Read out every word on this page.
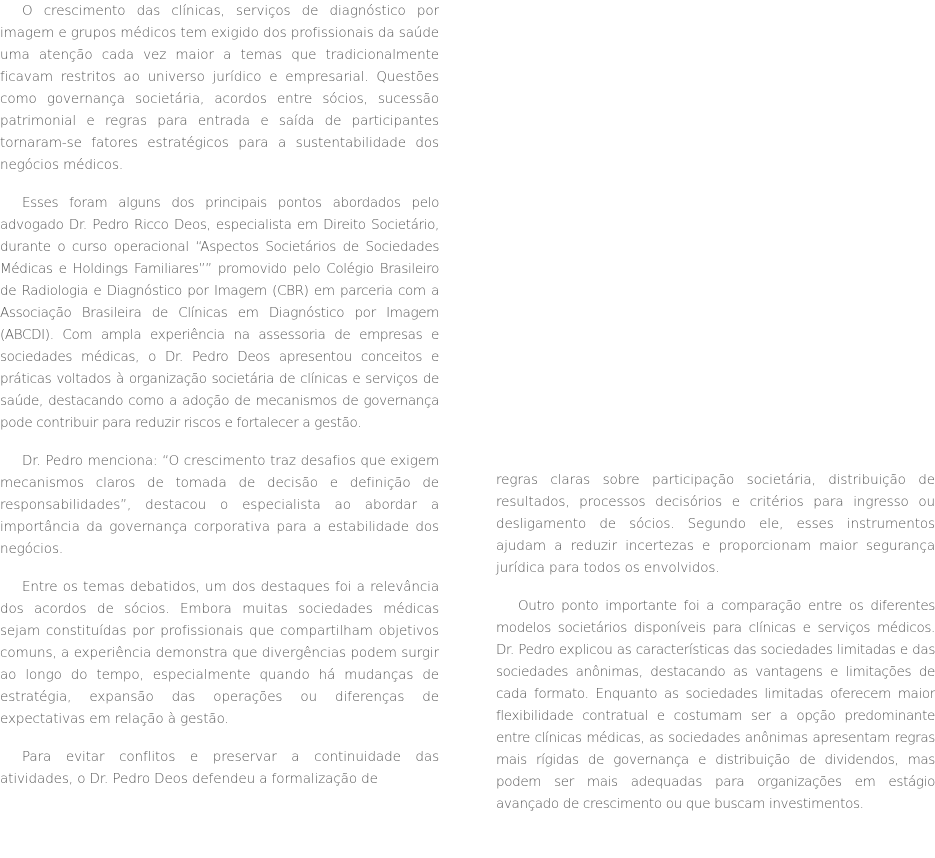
O crescimento das clínicas, serviços de diagnóstico por imagem e grupos médicos tem exigido dos profissionais da saúde uma atenção cada vez maior a temas que tradicionalmente ficavam restritos ao universo jurídico e empresarial. Questões como governança societária, acordos entre sócios, sucessão patrimonial e regras para entrada e saída de participantes tornaram-se fatores estratégicos para a sustentabilidade dos negócios médicos.

Esses foram alguns dos principais pontos abordados pelo advogado Dr. Pedro Ricco Deos, especialista em Direito Societário, durante o curso operacional “Aspectos Societários de Sociedades Médicas e Holdings Familiares”” promovido pelo Colégio Brasileiro de Radiologia e Diagnóstico por Imagem (CBR) em parceria com a Associação Brasileira de Clínicas em Diagnóstico por Imagem (ABCDI). Com ampla experiência na assessoria de empresas e sociedades médicas, o Dr. Pedro Deos apresentou conceitos e práticas voltados à organização societária de clínicas e serviços de saúde, destacando como a adoção de mecanismos de governança pode contribuir para reduzir riscos e fortalecer a gestão.

Dr. Pedro menciona: “O crescimento traz desafios que exigem mecanismos claros de tomada de decisão e definição de responsabilidades”, destacou o especialista ao abordar a importância da governança corporativa para a estabilidade dos negócios.

Entre os temas debatidos, um dos destaques foi a relevância dos acordos de sócios. Embora muitas sociedades médicas sejam constituídas por profissionais que compartilham objetivos comuns, a experiência demonstra que divergências podem surgir ao longo do tempo, especialmente quando há mudanças de estratégia, expansão das operações ou diferenças de expectativas em relação à gestão.

Para evitar conflitos e preservar a continuidade das atividades, o Dr. Pedro Deos defendeu a formalização de

regras claras sobre participação societária, distribuição de resultados, processos decisórios e critérios para ingresso ou desligamento de sócios. Segundo ele, esses instrumentos ajudam a reduzir incertezas e proporcionam maior segurança jurídica para todos os envolvidos.

Outro ponto importante foi a comparação entre os diferentes modelos societários disponíveis para clínicas e serviços médicos. Dr. Pedro explicou as características das sociedades limitadas e das sociedades anônimas, destacando as vantagens e limitações de cada formato. Enquanto as sociedades limitadas oferecem maior flexibilidade contratual e costumam ser a opção predominante entre clínicas médicas, as sociedades anônimas apresentam regras mais rígidas de governança e distribuição de dividendos, mas podem ser mais adequadas para organizações em estágio avançado de crescimento ou que buscam investimentos.
